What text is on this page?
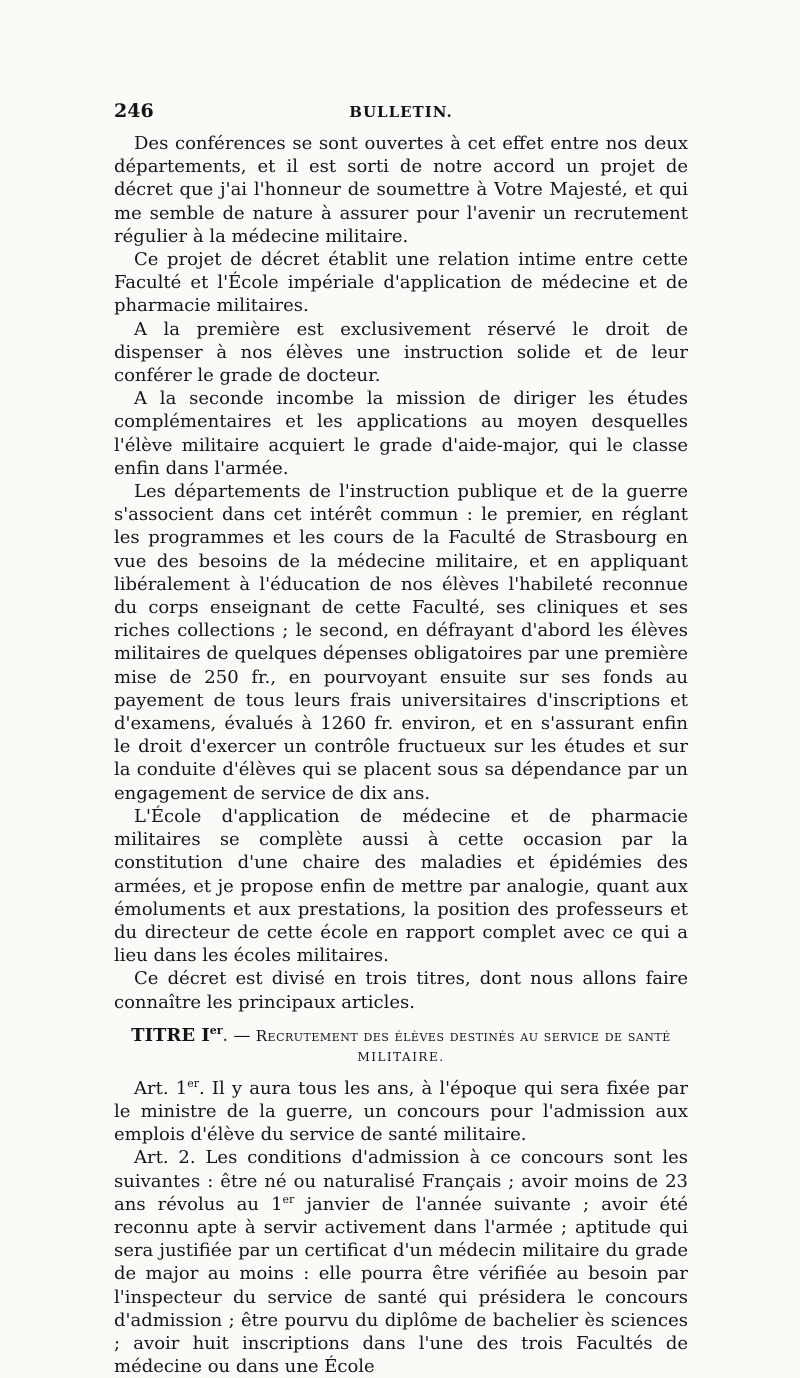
246	BULLETIN.

Des conférences se sont ouvertes à cet effet entre nos deux départements, et il est sorti de notre accord un projet de décret que j'ai l'honneur de soumettre à Votre Majesté, et qui me semble de nature à assurer pour l'avenir un recrutement régulier à la médecine militaire.

Ce projet de décret établit une relation intime entre cette Faculté et l'École impériale d'application de médecine et de pharmacie militaires.

A la première est exclusivement réservé le droit de dispenser à nos élèves une instruction solide et de leur conférer le grade de docteur.

A la seconde incombe la mission de diriger les études complémentaires et les applications au moyen desquelles l'élève militaire acquiert le grade d'aide-major, qui le classe enfin dans l'armée.

Les départements de l'instruction publique et de la guerre s'associent dans cet intérêt commun : le premier, en réglant les programmes et les cours de la Faculté de Strasbourg en vue des besoins de la médecine militaire, et en appliquant libéralement à l'éducation de nos élèves l'habileté reconnue du corps enseignant de cette Faculté, ses cliniques et ses riches collections ; le second, en défrayant d'abord les élèves militaires de quelques dépenses obligatoires par une première mise de 250 fr., en pourvoyant ensuite sur ses fonds au payement de tous leurs frais universitaires d'inscriptions et d'examens, évalués à 1260 fr. environ, et en s'assurant enfin le droit d'exercer un contrôle fructueux sur les études et sur la conduite d'élèves qui se placent sous sa dépendance par un engagement de service de dix ans.

L'École d'application de médecine et de pharmacie militaires se complète aussi à cette occasion par la constitution d'une chaire des maladies et épidémies des armées, et je propose enfin de mettre par analogie, quant aux émoluments et aux prestations, la position des professeurs et du directeur de cette école en rapport complet avec ce qui a lieu dans les écoles militaires.

Ce décret est divisé en trois titres, dont nous allons faire connaître les principaux articles.

TITRE Ier. — Recrutement des élèves destinés au service de santé
MILITAIRE.

Art. 1er. Il y aura tous les ans, à l'époque qui sera fixée par le ministre de la guerre, un concours pour l'admission aux emplois d'élève du service de santé militaire.

Art. 2. Les conditions d'admission à ce concours sont les suivantes : être né ou naturalisé Français ; avoir moins de 23 ans révolus au 1er janvier de l'année suivante ; avoir été reconnu apte à servir activement dans l'armée ; aptitude qui sera justifiée par un certificat d'un médecin militaire du grade de major au moins : elle pourra être vérifiée au besoin par l'inspecteur du service de santé qui présidera le concours d'admission ; être pourvu du diplôme de bachelier ès sciences ; avoir huit inscriptions dans l'une des trois Facultés de médecine ou dans une École
